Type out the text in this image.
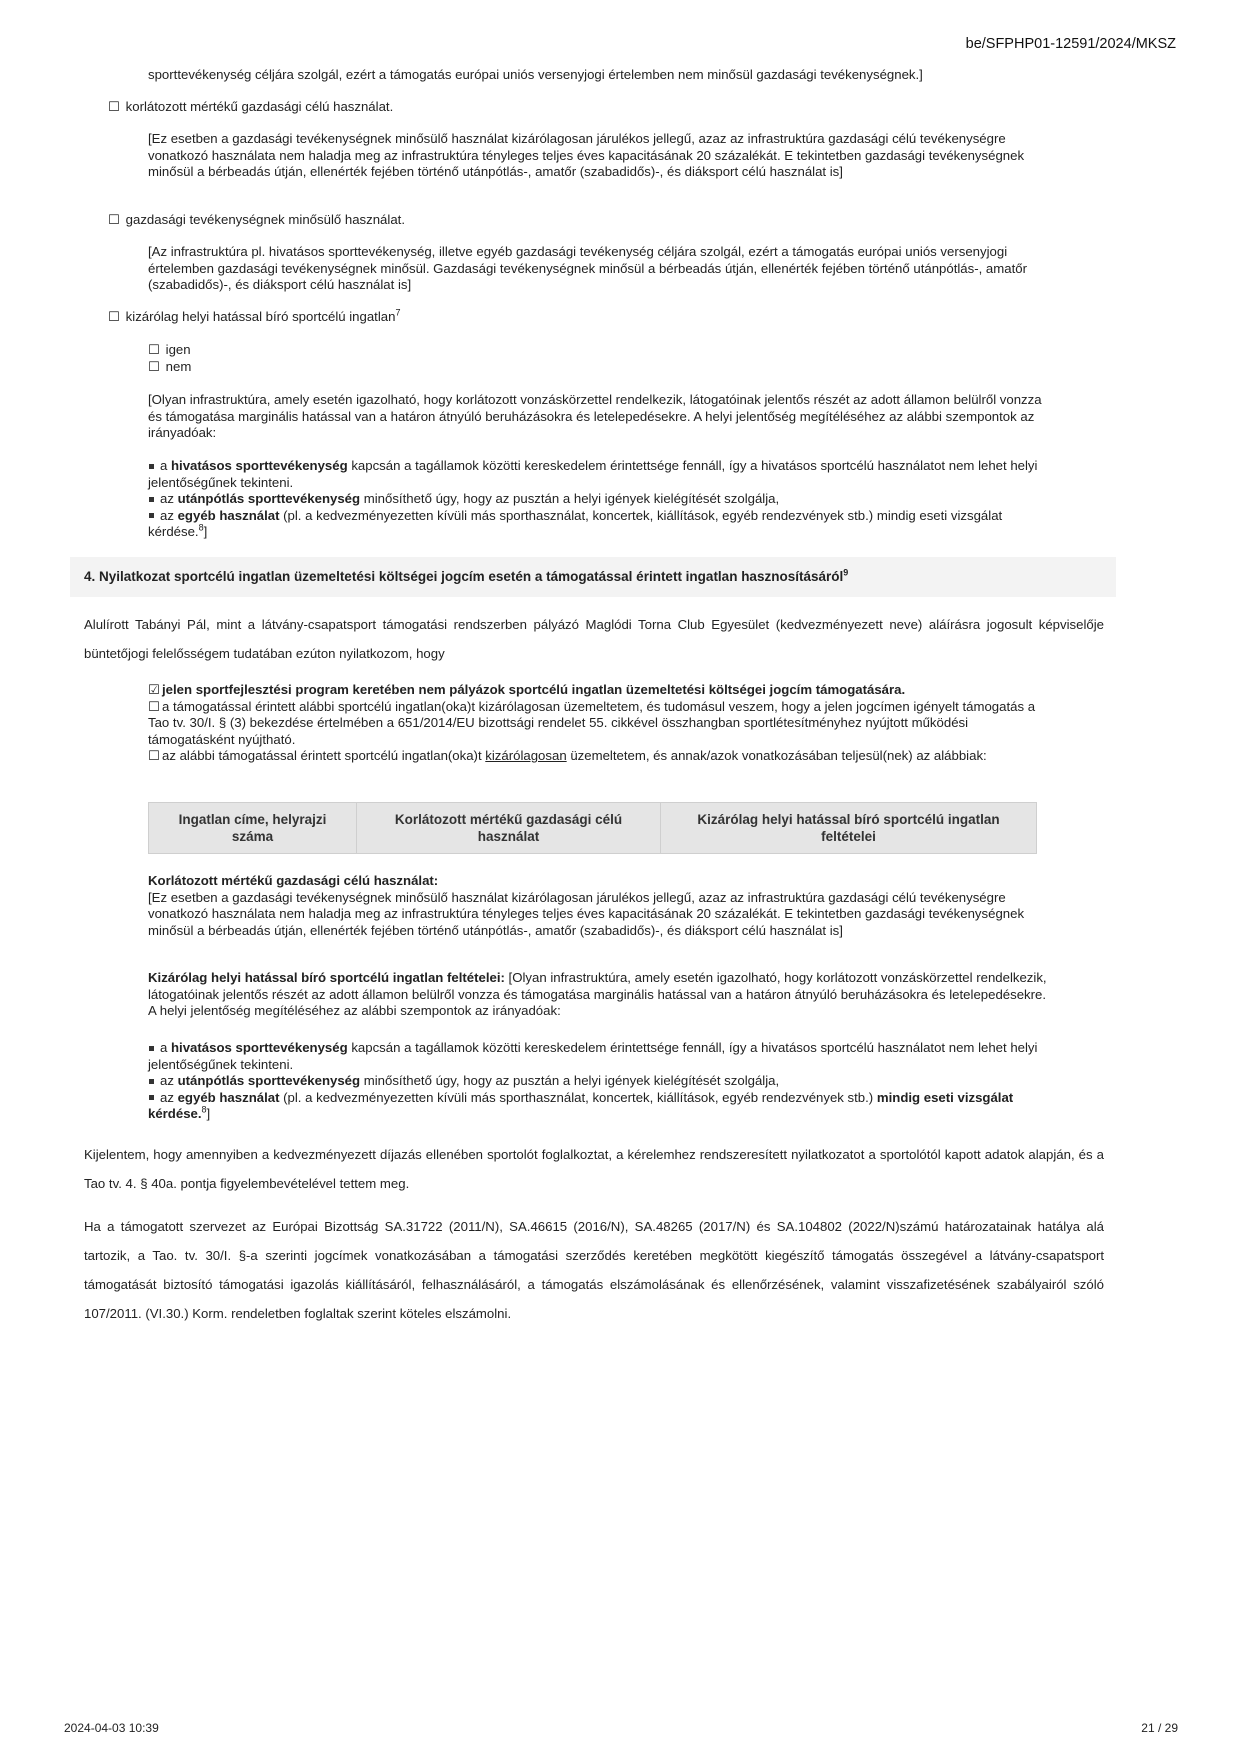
be/SFPHP01-12591/2024/MKSZ
sporttevékenység céljára szolgál, ezért a támogatás európai uniós versenyjogi értelemben nem minősül gazdasági tevékenységnek.]
☐ korlátozott mértékű gazdasági célú használat.
[Ez esetben a gazdasági tevékenységnek minősülő használat kizárólagosan járulékos jellegű, azaz az infrastruktúra gazdasági célú tevékenységre vonatkozó használata nem haladja meg az infrastruktúra tényleges teljes éves kapacitásának 20 százalékát. E tekintetben gazdasági tevékenységnek minősül a bérbeadás útján, ellenérték fejében történő utánpótlás-, amatőr (szabadidős)-, és diáksport célú használat is]
☐ gazdasági tevékenységnek minősülő használat.
[Az infrastruktúra pl. hivatásos sporttevékenység, illetve egyéb gazdasági tevékenység céljára szolgál, ezért a támogatás európai uniós versenyjogi értelemben gazdasági tevékenységnek minősül. Gazdasági tevékenységnek minősül a bérbeadás útján, ellenérték fejében történő utánpótlás-, amatőr (szabadidős)-, és diáksport célú használat is]
☐ kizárólag helyi hatással bíró sportcélú ingatlan$^7$
☐ igen
☐ nem
[Olyan infrastruktúra, amely esetén igazolható, hogy korlátozott vonzáskörzettel rendelkezik, látogatóinak jelentős részét az adott államon belülről vonzza és támogatása marginális hatással van a határon átnyúló beruházásokra és letelepedésekre. A helyi jelentőség megítéléséhez az alábbi szempontok az irányadóak:
a hivatásos sporttevékenység kapcsán a tagállamok közötti kereskedelem érintettsége fennáll, így a hivatásos sportcélú használatot nem lehet helyi jelentőségűnek tekinteni.
az utánpótlás sporttevékenység minősíthető úgy, hogy az pusztán a helyi igények kielégítését szolgálja,
az egyéb használat (pl. a kedvezményezetten kívüli más sporthasználat, koncertek, kiállítások, egyéb rendezvények stb.) mindig eseti vizsgálat kérdése.$^8$]
4. Nyilatkozat sportcélú ingatlan üzemeltetési költségei jogcím esetén a támogatással érintett ingatlan hasznosításáról$^9$
Alulírott Tabányi Pál, mint a látvány-csapatsport támogatási rendszerben pályázó Maglódi Torna Club Egyesület (kedvezményezett neve) aláírásra jogosult képviselője büntetőjogi felelősségem tudatában ezúton nyilatkozom, hogy
☑ jelen sportfejlesztési program keretében nem pályázok sportcélú ingatlan üzemeltetési költségei jogcím támogatására.
☐ a támogatással érintett alábbi sportcélú ingatlan(oka)t kizárólagosan üzemeltetem, és tudomásul veszem, hogy a jelen jogcímen igényelt támogatás a Tao tv. 30/I. § (3) bekezdése értelmében a 651/2014/EU bizottsági rendelet 55. cikkével összhangban sportlétesítményhez nyújtott működési támogatásként nyújtható.
☐ az alábbi támogatással érintett sportcélú ingatlan(oka)t kizárólagosan üzemeltetem, és annak/azok vonatkozásában teljesül(nek) az alábbiak:
Ingatlan címe, helyrajzi száma	Korlátozott mértékű gazdasági célú használat	Kizárólag helyi hatással bíró sportcélú ingatlan feltételei
Korlátozott mértékű gazdasági célú használat:
[Ez esetben a gazdasági tevékenységnek minősülő használat kizárólagosan járulékos jellegű, azaz az infrastruktúra gazdasági célú tevékenységre vonatkozó használata nem haladja meg az infrastruktúra tényleges teljes éves kapacitásának 20 százalékát. E tekintetben gazdasági tevékenységnek minősül a bérbeadás útján, ellenérték fejében történő utánpótlás-, amatőr (szabadidős)-, és diáksport célú használat is]
Kizárólag helyi hatással bíró sportcélú ingatlan feltételei: [Olyan infrastruktúra, amely esetén igazolható, hogy korlátozott vonzáskörzettel rendelkezik, látogatóinak jelentős részét az adott államon belülről vonzza és támogatása marginális hatással van a határon átnyúló beruházásokra és letelepedésekre. A helyi jelentőség megítéléséhez az alábbi szempontok az irányadóak:
a hivatásos sporttevékenység kapcsán a tagállamok közötti kereskedelem érintettsége fennáll, így a hivatásos sportcélú használatot nem lehet helyi jelentőségűnek tekinteni.
az utánpótlás sporttevékenység minősíthető úgy, hogy az pusztán a helyi igények kielégítését szolgálja,
az egyéb használat (pl. a kedvezményezetten kívüli más sporthasználat, koncertek, kiállítások, egyéb rendezvények stb.) mindig eseti vizsgálat kérdése.$^8$]
Kijelentem, hogy amennyiben a kedvezményezett díjazás ellenében sportolót foglalkoztat, a kérelemhez rendszeresített nyilatkozatot a sportolótól kapott adatok alapján, és a Tao tv. 4. § 40a. pontja figyelembevételével tettem meg.
Ha a támogatott szervezet az Európai Bizottság SA.31722 (2011/N), SA.46615 (2016/N), SA.48265 (2017/N) és SA.104802 (2022/N)számú határozatainak hatálya alá tartozik, a Tao. tv. 30/I. §-a szerinti jogcímek vonatkozásában a támogatási szerződés keretében megkötött kiegészítő támogatás összegével a látvány-csapatsport támogatását biztosító támogatási igazolás kiállításáról, felhasználásáról, a támogatás elszámolásának és ellenőrzésének, valamint visszafizetésének szabályairól szóló 107/2011. (VI.30.) Korm. rendeletben foglaltak szerint köteles elszámolni.
2024-04-03 10:39	21 / 29
